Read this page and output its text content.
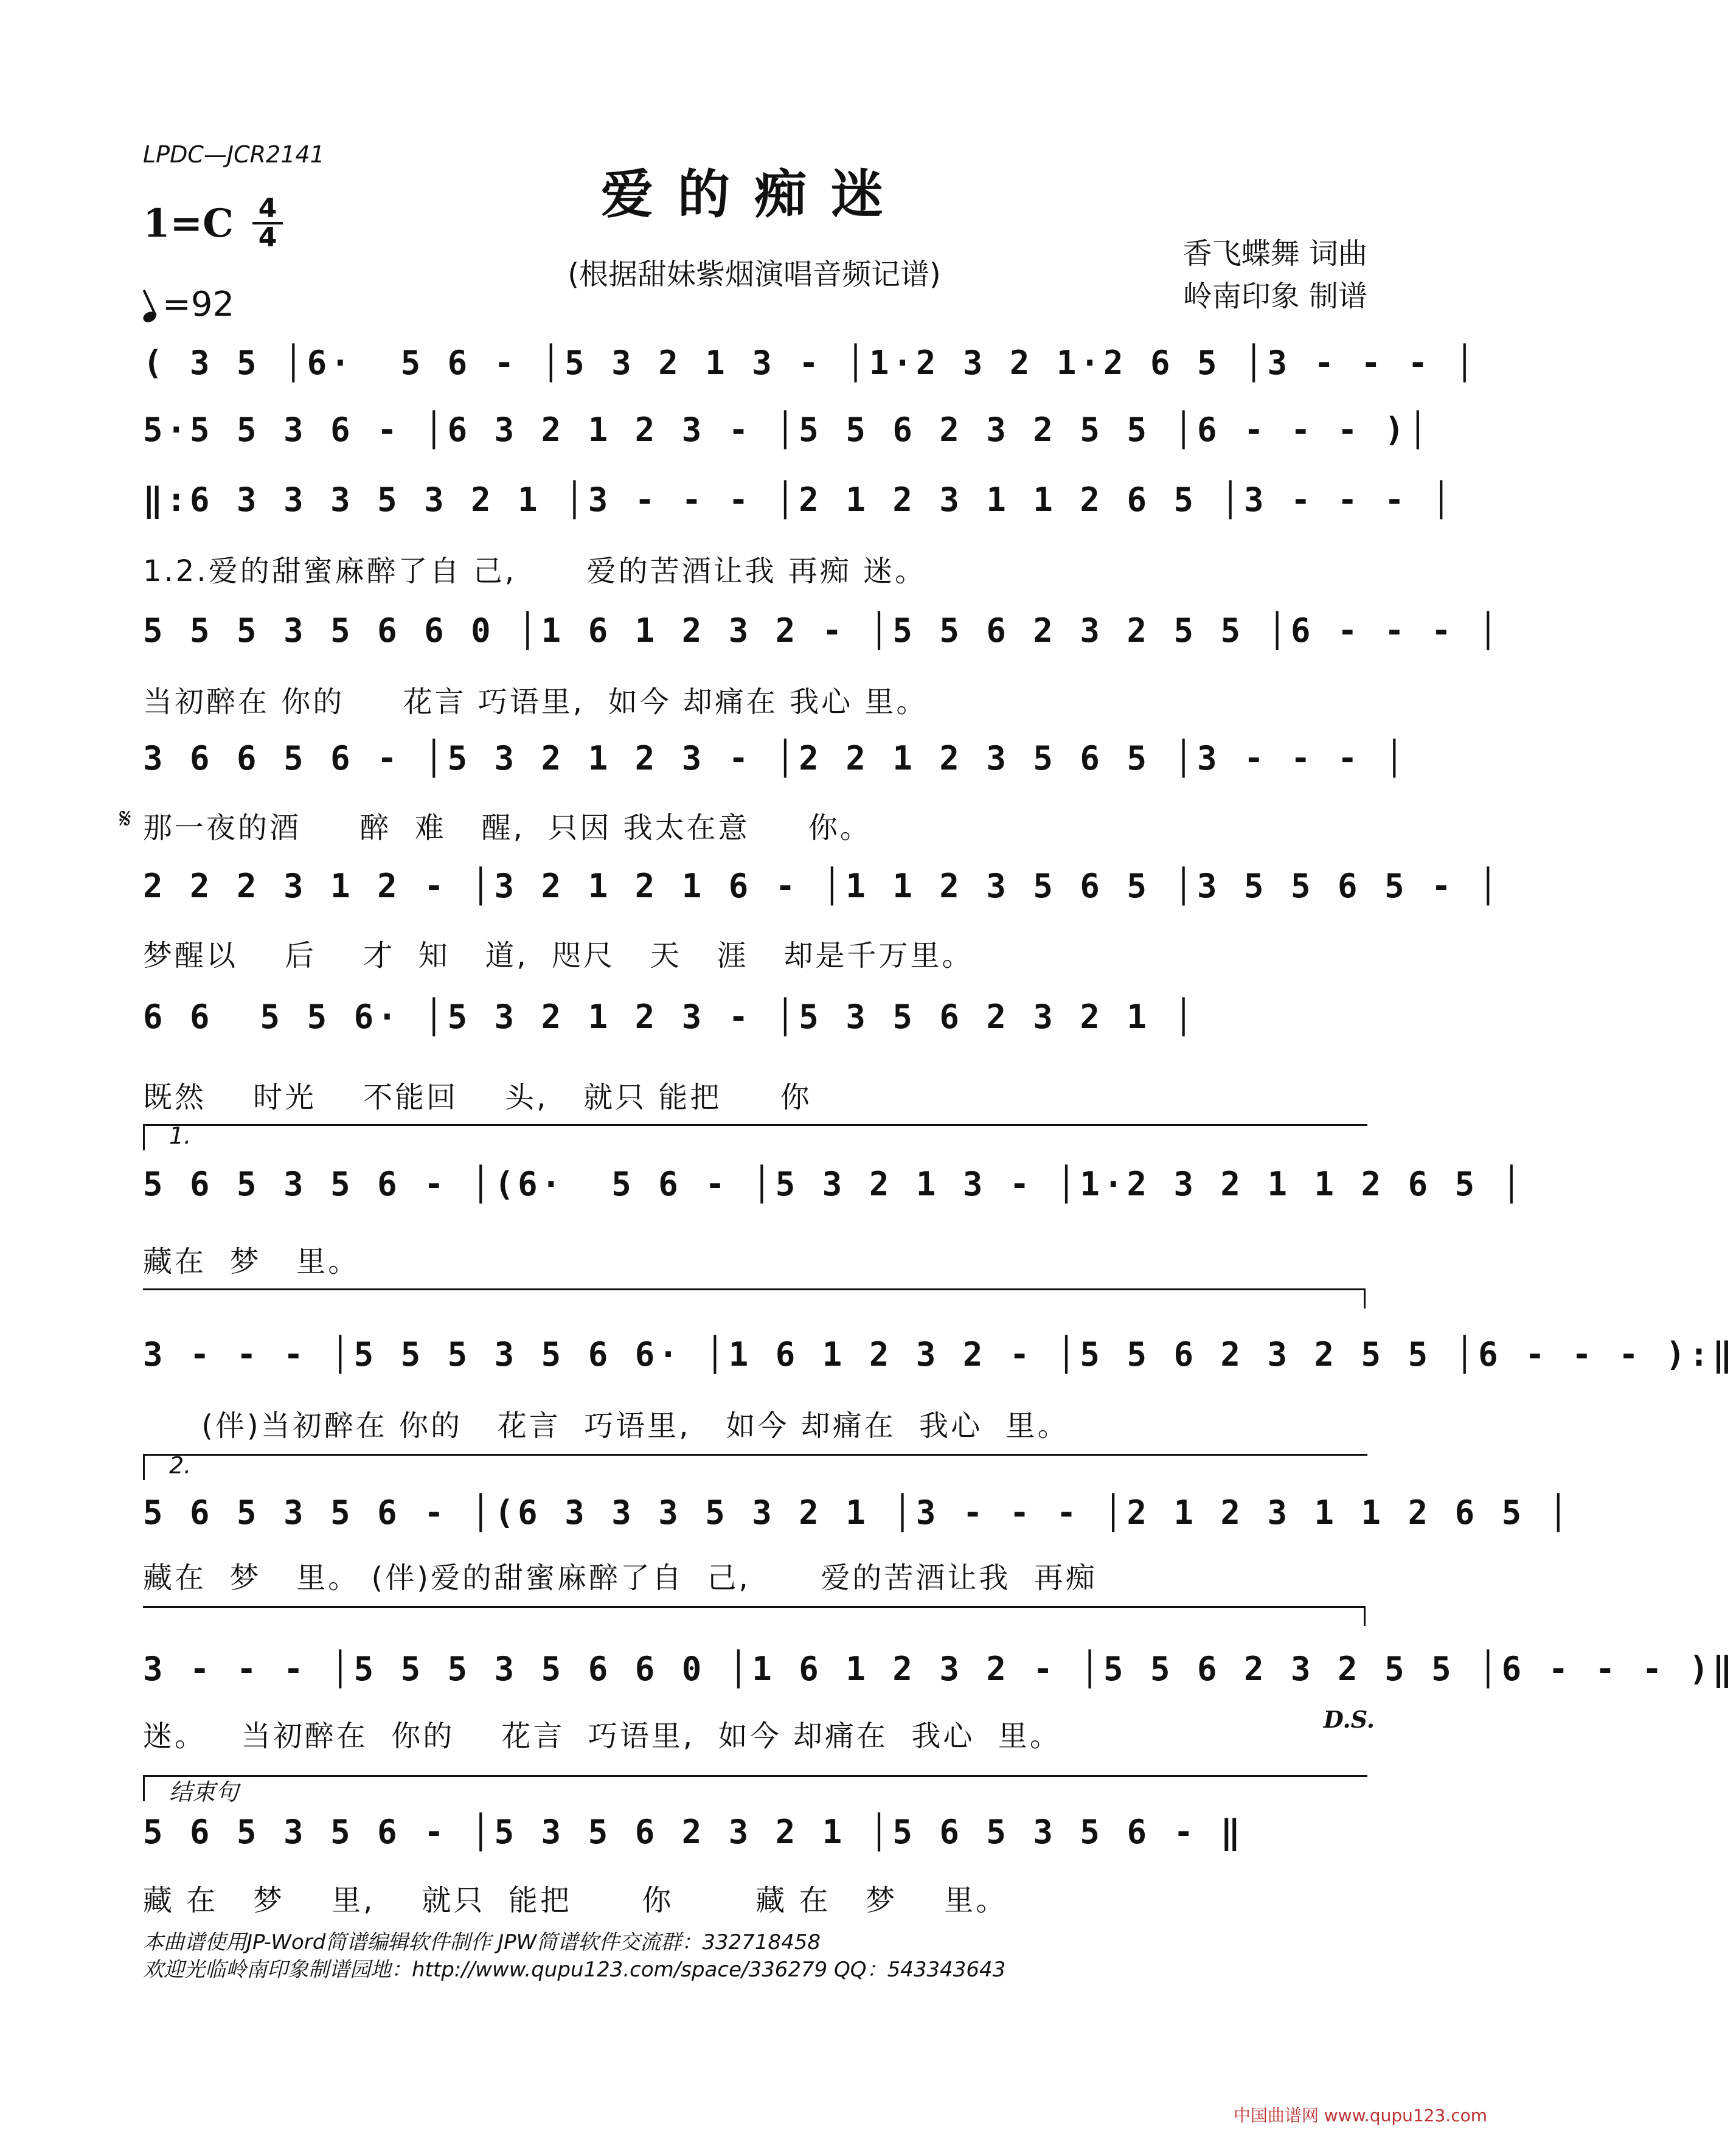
LPDC—JCR2141
爱的痴迷
1=C 4
4
(根据甜妹紫烟演唱音频记谱)
香飞蝶舞 词曲
岭南印象 制谱
=92
( 3 5 │6·  5 6 - │5 3 2 1 3 - │1·2 3 2 1·2 6 5 │3 - - - │
5·5 5 3 6 - │6 3 2 1 2 3 - │5 5 6 2 3 2 5 5 │6 - - - )│
‖:6 3 3 3 5 3 2 1 │3 - - - │2 1 2 3 1 1 2 6 5 │3 - - - │
1.2.爱的甜蜜麻醉了自 己,      爱的苦酒让我 再痴 迷。
5 5 5 3 5 6 6 0 │1 6 1 2 3 2 - │5 5 6 2 3 2 5 5 │6 - - - │
当初醉在 你的     花言 巧语里,  如今 却痛在 我心 里。
3 6 6 5 6 - │5 3 2 1 2 3 - │2 2 1 2 3 5 6 5 │3 - - - │
𝄋 那一夜的酒     醉  难   醒,  只因 我太在意     你。
2 2 2 3 1 2 - │3 2 1 2 1 6 - │1 1 2 3 5 6 5 │3 5 5 6 5 - │
梦醒以    后    才  知   道,  咫尺   天   涯   却是千万里。
6 6  5 5 6· │5 3 2 1 2 3 - │5 3 5 6 2 3 2 1 │
既然    时光    不能回    头,   就只 能把     你
1.
5 6 5 3 5 6 - │(6·  5 6 - │5 3 2 1 3 - │1·2 3 2 1 1 2 6 5 │
藏在  梦   里。
3 - - - │5 5 5 3 5 6 6· │1 6 1 2 3 2 - │5 5 6 2 3 2 5 5 │6 - - - ):‖
(伴)当初醉在 你的   花言  巧语里,   如今 却痛在  我心  里。
2.
5 6 5 3 5 6 - │(6 3 3 3 5 3 2 1 │3 - - - │2 1 2 3 1 1 2 6 5 │
藏在  梦   里。 (伴)爱的甜蜜麻醉了自  己,      爱的苦酒让我  再痴
3 - - - │5 5 5 3 5 6 6 0 │1 6 1 2 3 2 - │5 5 6 2 3 2 5 5 │6 - - - )‖
迷。   当初醉在  你的    花言  巧语里,  如今 却痛在  我心  里。	D.S.
结束句
5 6 5 3 5 6 - │5 3 5 6 2 3 2 1 │5 6 5 3 5 6 - ‖
藏 在   梦    里,    就只  能把      你       藏 在   梦    里。
本曲谱使用JP-Word简谱编辑软件制作 JPW简谱软件交流群：332718458
欢迎光临岭南印象制谱园地：http://www.qupu123.com/space/336279 QQ：543343643
中国曲谱网 www.qupu123.com
